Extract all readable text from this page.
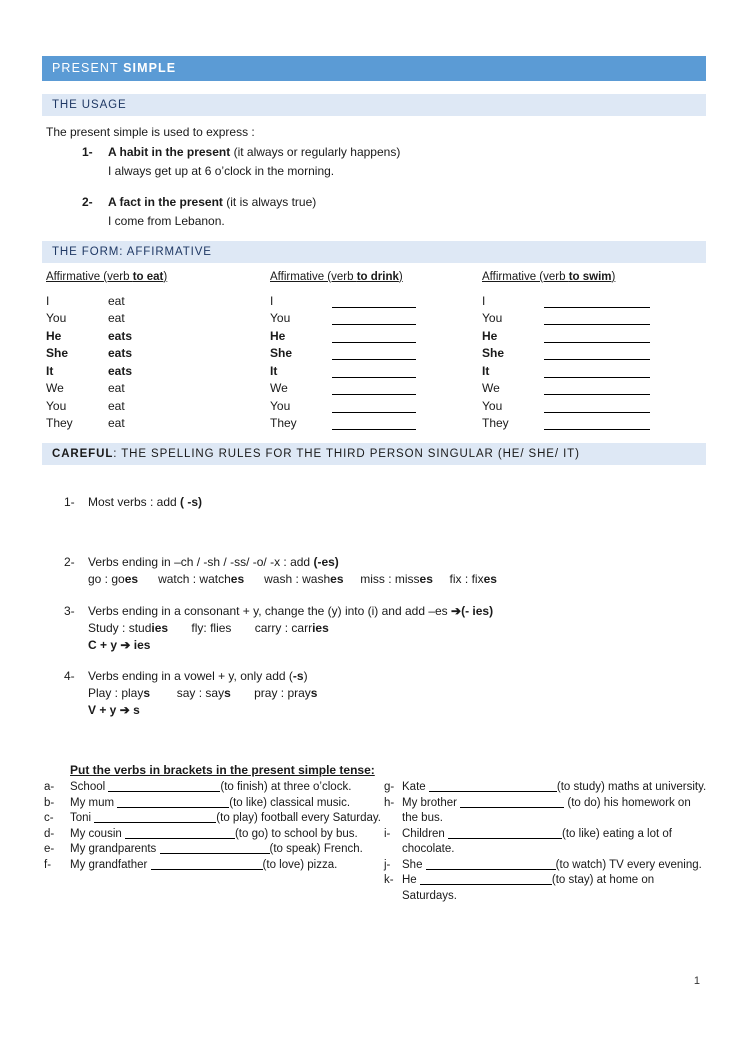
PRESENT SIMPLE
THE USAGE
The present simple is used to express :
1-	A habit in the present (it always or regularly happens)
I always get up at 6 o’clock in the morning.
2-	A fact in the present (it is always true)
I come from Lebanon.
THE FORM: AFFIRMATIVE
Affirmative (verb to eat)
I	eat
You	eat
He	eats
She	eats
It	eats
We	eat
You	eat
They	eat
Affirmative (verb to drink)
I
You
He
She
It
We
You
They
Affirmative (verb to swim)
I
You
He
She
It
We
You
They
CAREFUL: THE SPELLING RULES FOR THE THIRD PERSON SINGULAR (HE/ SHE/ IT)
1-	Most verbs : add ( -s)
2-	Verbs ending in –ch / -sh / -ss/ -o/ -x : add (-es)
go : goes      watch : watches      wash : washes     miss : misses     fix : fixes
3-	Verbs ending in a consonant + y, change the (y) into (i) and add –es ➔(- ies)
Study : studies       fly: flies       carry : carries
C + y ➔ ies
4-	Verbs ending in a vowel + y, only add (-s)
Play : plays        say : says       pray : prays
V + y ➔ s
Put the verbs in brackets in the present simple tense:
a-	School	(to finish) at three o’clock.
b-	My mum	(to like) classical music.
c-	Toni	(to play) football every Saturday.
d-	My cousin	(to go) to school by bus.
e-	My grandparents	(to speak) French.
f-	My grandfather	(to love) pizza.
g- Kate	(to study) maths at university.
h- My brother	(to do) his homework on the bus.
i-	Children	(to like) eating a lot of chocolate.
j-	She	(to watch) TV every evening.
k- He	(to stay) at home on Saturdays.
1
